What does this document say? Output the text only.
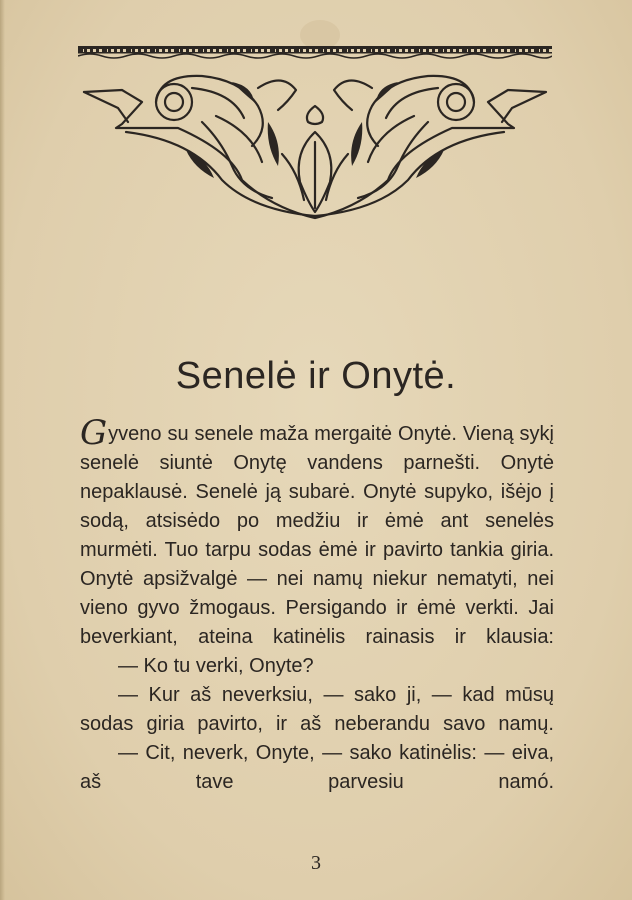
Senelė ir Onytė.

Gyveno su senele maža mergaitė Onytė. Vieną sykį senelė siuntė Onytę vandens parnešti. Onytė nepaklausė. Senelė ją subarė. Onytė supyko, išėjo į sodą, atsisėdo po medžiu ir ėmė ant senelės murmėti. Tuo tarpu sodas ėmė ir pavirto tankia giria. Onytė apsižvalgė — nei namų niekur nematyti, nei vieno gyvo žmogaus. Persigando ir ėmė verkti. Jai beverkiant, ateina katinėlis rainasis ir klausia:

— Ko tu verki, Onyte?

— Kur aš neverksiu, — sako ji, — kad mūsų sodas giria pavirto, ir aš neberandu savo namų.

— Cit, neverk, Onyte, — sako katinėlis: — eiva, aš tave parvesiu namó.

3
